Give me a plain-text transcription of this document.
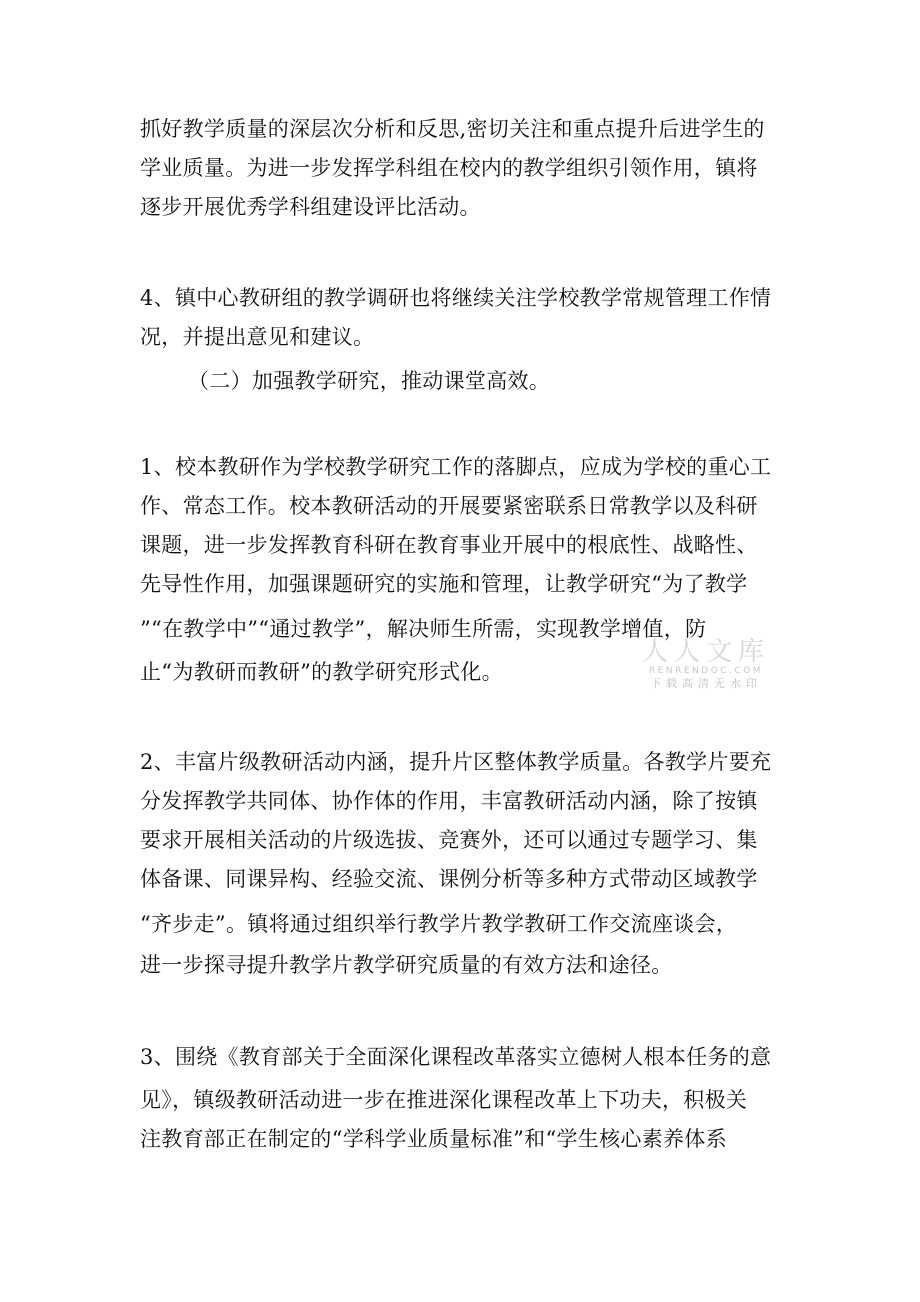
抓好教学质量的深层次分析和反思,密切关注和重点提升后进学生的
学业质量。为进一步发挥学科组在校内的教学组织引领作用，镇将
逐步开展优秀学科组建设评比活动。
4、镇中心教研组的教学调研也将继续关注学校教学常规管理工作情
况，并提出意见和建议。
（二）加强教学研究，推动课堂高效。
1、校本教研作为学校教学研究工作的落脚点，应成为学校的重心工
作、常态工作。校本教研活动的开展要紧密联系日常教学以及科研
课题，进一步发挥教育科研在教育事业开展中的根底性、战略性、
先导性作用，加强课题研究的实施和管理，让教学研究“为了教学
”“在教学中”“通过教学”，解决师生所需，实现教学增值，防
止“为教研而教研”的教学研究形式化。
2、丰富片级教研活动内涵，提升片区整体教学质量。各教学片要充
分发挥教学共同体、协作体的作用，丰富教研活动内涵，除了按镇
要求开展相关活动的片级选拔、竞赛外，还可以通过专题学习、集
体备课、同课异构、经验交流、课例分析等多种方式带动区域教学
“齐步走”。镇将通过组织举行教学片教学教研工作交流座谈会，
进一步探寻提升教学片教学研究质量的有效方法和途径。
3、围绕《教育部关于全面深化课程改革落实立德树人根本任务的意
见》，镇级教研活动进一步在推进深化课程改革上下功夫，积极关
注教育部正在制定的“学科学业质量标准”和“学生核心素养体系
人人文库
RENRENDOC.COM
下载高清无水印
